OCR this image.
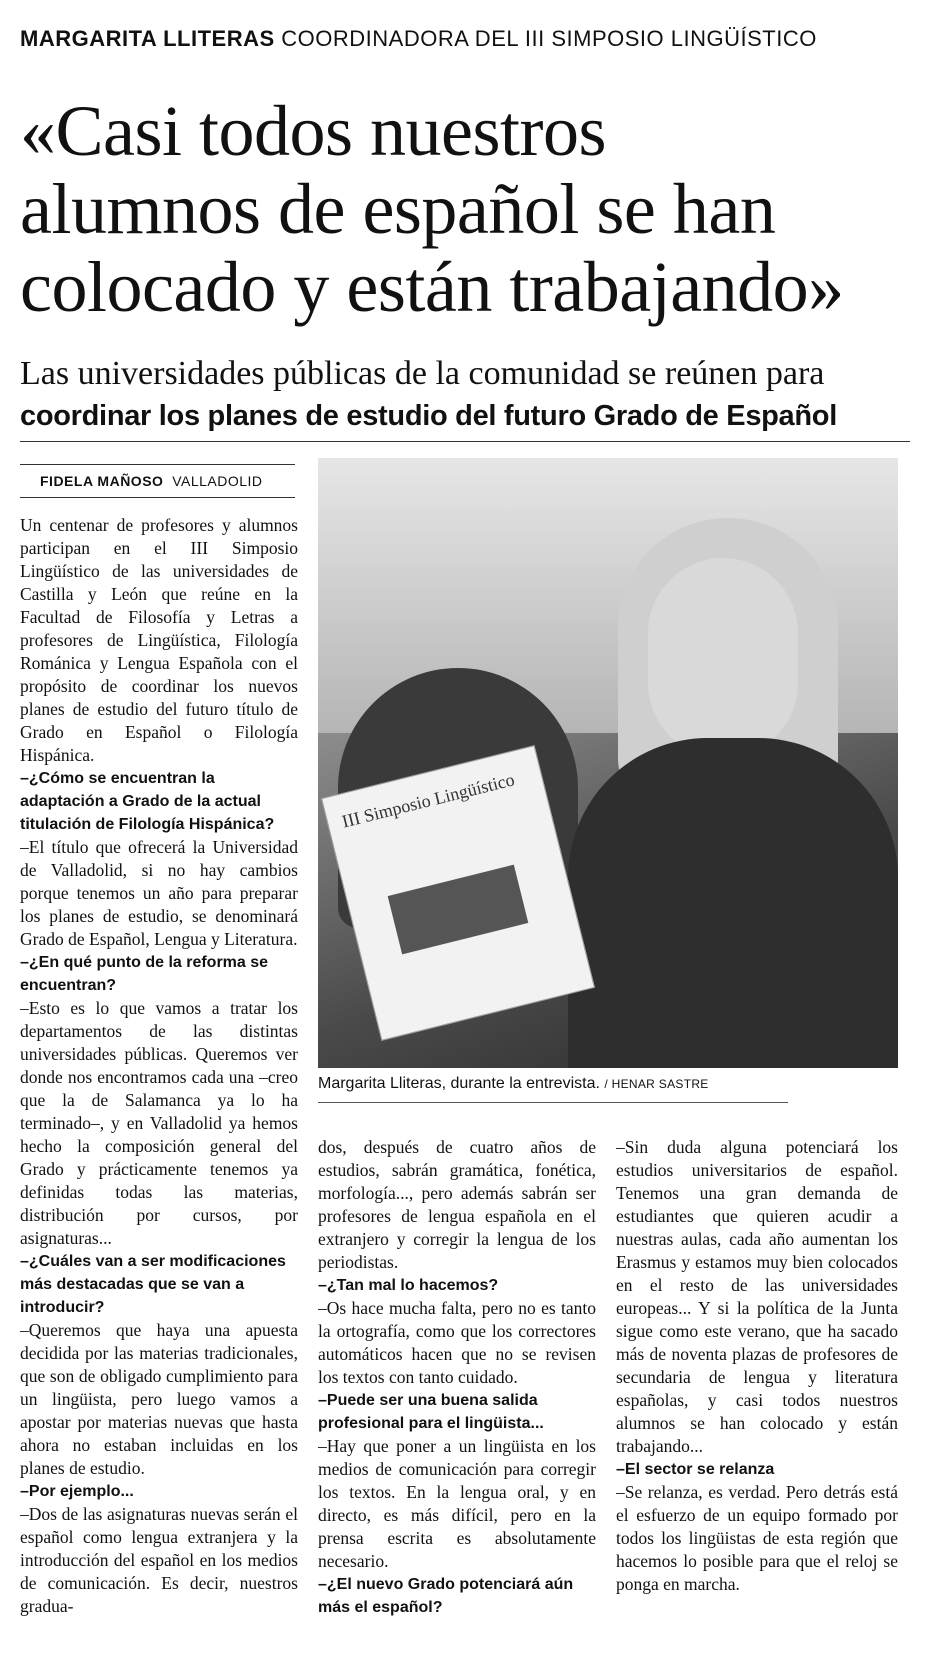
MARGARITA LLITERAS COORDINADORA DEL III SIMPOSIO LINGÜÍSTICO
«Casi todos nuestros
alumnos de español se han
colocado y están trabajando»
Las universidades públicas de la comunidad se reúnen para
coordinar los planes de estudio del futuro Grado de Español
FIDELA MAÑOSO VALLADOLID

Un centenar de profesores y alumnos participan en el III Simposio Lingüístico de las universidades de Castilla y León que reúne en la Facultad de Filosofía y Letras a profesores de Lingüística, Filología Románica y Lengua Española con el propósito de coordinar los nuevos planes de estudio del futuro título de Grado en Español o Filología Hispánica.

–¿Cómo se encuentran la adaptación a Grado de la actual titulación de Filología Hispánica?

–El título que ofrecerá la Universidad de Valladolid, si no hay cambios porque tenemos un año para preparar los planes de estudio, se denominará Grado de Español, Lengua y Literatura.

–¿En qué punto de la reforma se encuentran?

–Esto es lo que vamos a tratar los departamentos de las distintas universidades públicas. Queremos ver donde nos encontramos cada una –creo que la de Salamanca ya lo ha terminado–, y en Valladolid ya hemos hecho la composición general del Grado y prácticamente tenemos ya definidas todas las materias, distribución por cursos, por asignaturas...

–¿Cuáles van a ser modificaciones más destacadas que se van a introducir?

–Queremos que haya una apuesta decidida por las materias tradicionales, que son de obligado cumplimiento para un lingüista, pero luego vamos a apostar por materias nuevas que hasta ahora no estaban incluidas en los planes de estudio.

–Por ejemplo...

–Dos de las asignaturas nuevas serán el español como lengua extranjera y la introducción del español en los medios de comunicación. Es decir, nuestros gradua-

III Simposio Lingüístico
Margarita Lliteras, durante la entrevista. / HENAR SASTRE

dos, después de cuatro años de estudios, sabrán gramática, fonética, morfología..., pero además sabrán ser profesores de lengua española en el extranjero y corregir la lengua de los periodistas.

–¿Tan mal lo hacemos?

–Os hace mucha falta, pero no es tanto la ortografía, como que los correctores automáticos hacen que no se revisen los textos con tanto cuidado.

–Puede ser una buena salida profesional para el lingüista...

–Hay que poner a un lingüista en los medios de comunicación para corregir los textos. En la lengua oral, y en directo, es más difícil, pero en la prensa escrita es absolutamente necesario.

–¿El nuevo Grado potenciará aún más el español?

–Sin duda alguna potenciará los estudios universitarios de español. Tenemos una gran demanda de estudiantes que quieren acudir a nuestras aulas, cada año aumentan los Erasmus y estamos muy bien colocados en el resto de las universidades europeas... Y si la política de la Junta sigue como este verano, que ha sacado más de noventa plazas de profesores de secundaria de lengua y literatura españolas, y casi todos nuestros alumnos se han colocado y están trabajando...

–El sector se relanza

–Se relanza, es verdad. Pero detrás está el esfuerzo de un equipo formado por todos los lingüistas de esta región que hacemos lo posible para que el reloj se ponga en marcha.
